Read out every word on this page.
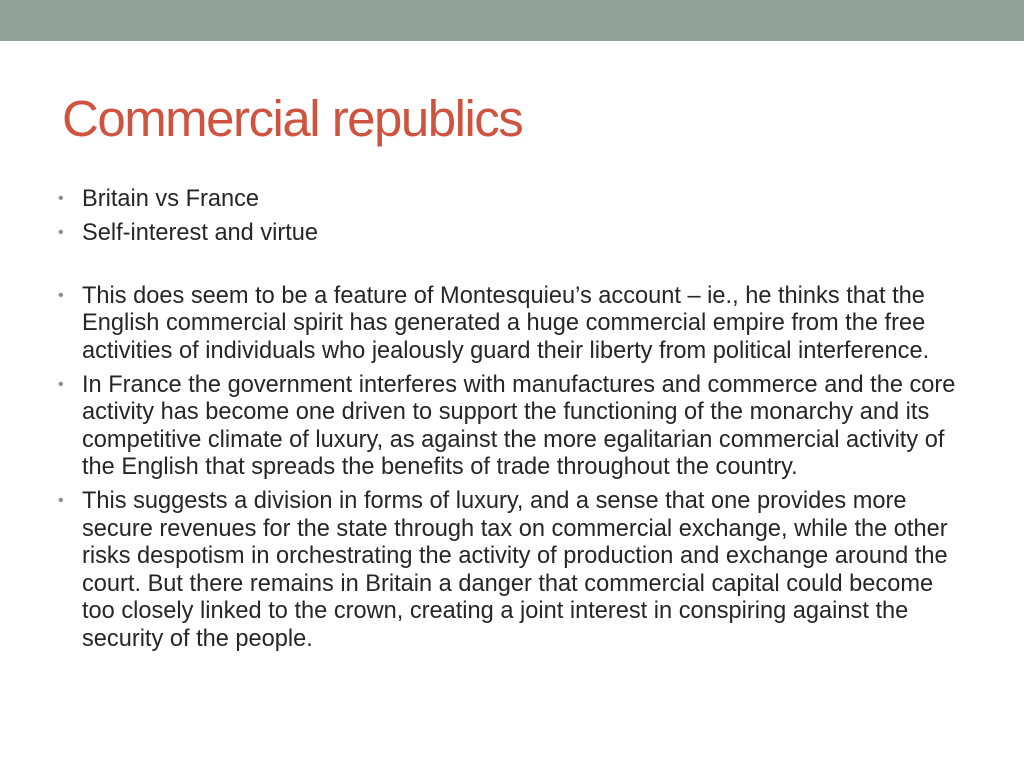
Commercial republics
• Britain vs France
• Self-interest and virtue
• This does seem to be a feature of Montesquieu’s account – ie., he thinks that the English commercial spirit has generated a huge commercial empire from the free activities of individuals who jealously guard their liberty from political interference.
• In France the government interferes with manufactures and commerce and the core activity has become one driven to support the functioning of the monarchy and its competitive climate of luxury, as against the more egalitarian commercial activity of the English that spreads the benefits of trade throughout the country.
• This suggests a division in forms of luxury, and a sense that one provides more secure revenues for the state through tax on commercial exchange, while the other risks despotism in orchestrating the activity of production and exchange around the court. But there remains in Britain a danger that commercial capital could become too closely linked to the crown, creating a joint interest in conspiring against the security of the people.
